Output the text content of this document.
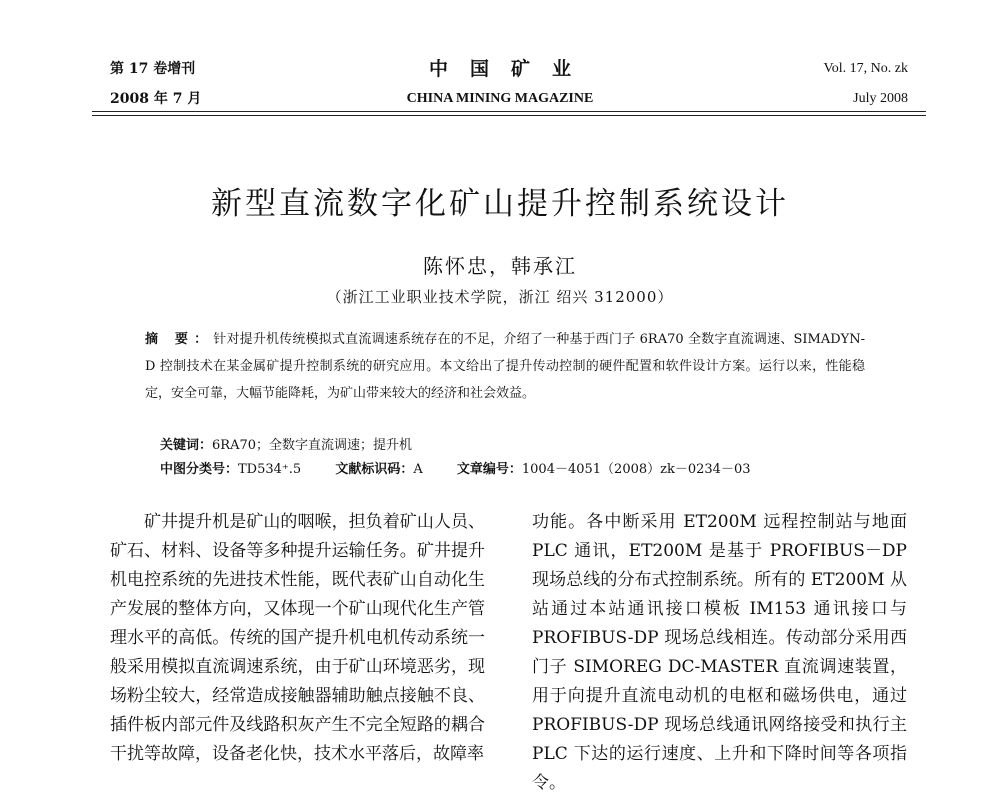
第 17 卷增刊
2008 年 7 月
中国矿业
CHINA MINING MAGAZINE
Vol. 17, No. zk
July 2008
新型直流数字化矿山提升控制系统设计
陈怀忠，韩承江
（浙江工业职业技术学院，浙江 绍兴 312000）
摘 要：针对提升机传统模拟式直流调速系统存在的不足，介绍了一种基于西门子 6RA70 全数字直流调速、SIMADYN-D 控制技术在某金属矿提升控制系统的研究应用。本文给出了提升传动控制的硬件配置和软件设计方案。运行以来，性能稳定，安全可靠，大幅节能降耗，为矿山带来较大的经济和社会效益。
关键词：6RA70；全数字直流调速；提升机
中图分类号：TD534⁺.5	文献标识码：A	文章编号：1004－4051（2008）zk－0234－03
矿井提升机是矿山的咽喉，担负着矿山人员、矿石、材料、设备等多种提升运输任务。矿井提升机电控系统的先进技术性能，既代表矿山自动化生产发展的整体方向，又体现一个矿山现代化生产管理水平的高低。传统的国产提升机电机传动系统一般采用模拟直流调速系统，由于矿山环境恶劣，现场粉尘较大，经常造成接触器辅助触点接触不良、插件板内部元件及线路积灰产生不完全短路的耦合干扰等故障，设备老化快，技术水平落后，故障率
功能。各中断采用 ET200M 远程控制站与地面 PLC 通讯，ET200M 是基于 PROFIBUS－DP 现场总线的分布式控制系统。所有的 ET200M 从站通过本站通讯接口模板 IM153 通讯接口与 PROFIBUS-DP 现场总线相连。传动部分采用西门子 SIMOREG DC-MASTER 直流调速装置，用于向提升直流电动机的电枢和磁场供电，通过 PROFIBUS-DP 现场总线通讯网络接受和执行主 PLC 下达的运行速度、上升和下降时间等各项指令。
